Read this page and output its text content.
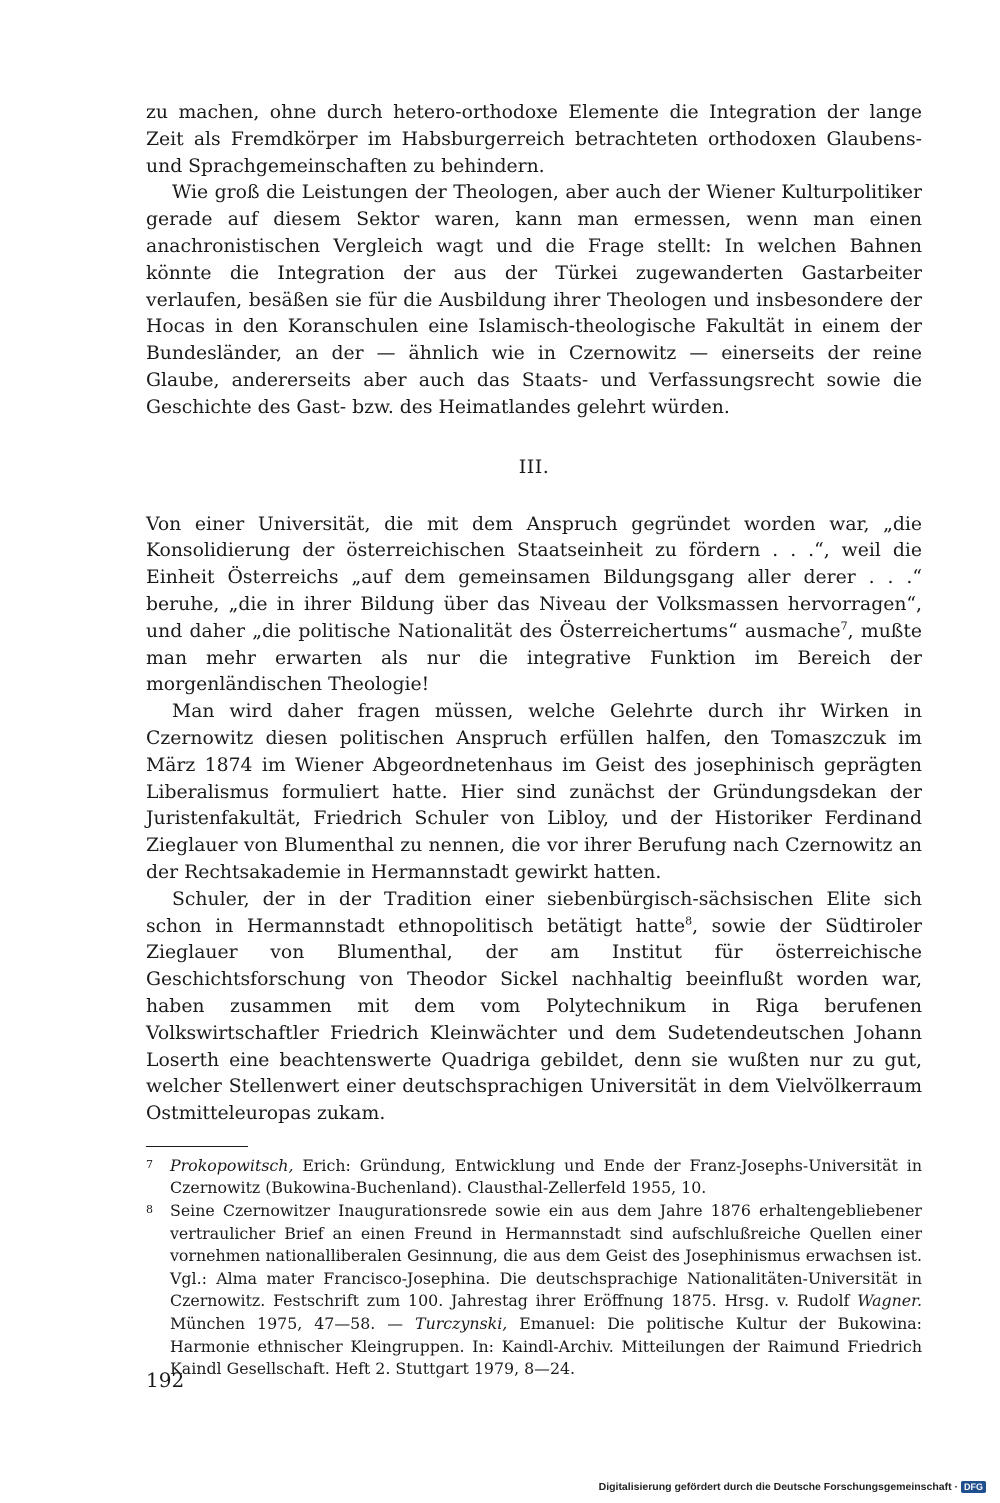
zu machen, ohne durch hetero-orthodoxe Elemente die Integration der lange Zeit als Fremdkörper im Habsburgerreich betrachteten orthodoxen Glaubens- und Sprachgemeinschaften zu behindern.

Wie groß die Leistungen der Theologen, aber auch der Wiener Kulturpolitiker gerade auf diesem Sektor waren, kann man ermessen, wenn man einen anachronistischen Vergleich wagt und die Frage stellt: In welchen Bahnen könnte die Integration der aus der Türkei zugewanderten Gastarbeiter verlaufen, besäßen sie für die Ausbildung ihrer Theologen und insbesondere der Hocas in den Koranschulen eine Islamisch-theologische Fakultät in einem der Bundesländer, an der — ähnlich wie in Czernowitz — einerseits der reine Glaube, andererseits aber auch das Staats- und Verfassungsrecht sowie die Geschichte des Gast- bzw. des Heimatlandes gelehrt würden.

III.

Von einer Universität, die mit dem Anspruch gegründet worden war, „die Konsolidierung der österreichischen Staatseinheit zu fördern . . .“, weil die Einheit Österreichs „auf dem gemeinsamen Bildungsgang aller derer . . .“ beruhe, „die in ihrer Bildung über das Niveau der Volksmassen hervorragen“, und daher „die politische Nationalität des Österreichertums“ ausmache$^7$, mußte man mehr erwarten als nur die integrative Funktion im Bereich der morgenländischen Theologie!

Man wird daher fragen müssen, welche Gelehrte durch ihr Wirken in Czernowitz diesen politischen Anspruch erfüllen halfen, den Tomaszczuk im März 1874 im Wiener Abgeordnetenhaus im Geist des josephinisch geprägten Liberalismus formuliert hatte. Hier sind zunächst der Gründungsdekan der Juristenfakultät, Friedrich Schuler von Libloy, und der Historiker Ferdinand Zieglauer von Blumenthal zu nennen, die vor ihrer Berufung nach Czernowitz an der Rechtsakademie in Hermannstadt gewirkt hatten.

Schuler, der in der Tradition einer siebenbürgisch-sächsischen Elite sich schon in Hermannstadt ethnopolitisch betätigt hatte$^8$, sowie der Südtiroler Zieglauer von Blumenthal, der am Institut für österreichische Geschichtsforschung von Theodor Sickel nachhaltig beeinflußt worden war, haben zusammen mit dem vom Polytechnikum in Riga berufenen Volkswirtschaftler Friedrich Kleinwächter und dem Sudetendeutschen Johann Loserth eine beachtenswerte Quadriga gebildet, denn sie wußten nur zu gut, welcher Stellenwert einer deutschsprachigen Universität in dem Vielvölkerraum Ostmitteleuropas zukam.

7	Prokopowitsch, Erich: Gründung, Entwicklung und Ende der Franz-Josephs-Universität in Czernowitz (Bukowina-Buchenland). Clausthal-Zellerfeld 1955, 10.
8	Seine Czernowitzer Inaugurationsrede sowie ein aus dem Jahre 1876 erhaltengebliebener vertraulicher Brief an einen Freund in Hermannstadt sind aufschlußreiche Quellen einer vornehmen nationalliberalen Gesinnung, die aus dem Geist des Josephinismus erwachsen ist. Vgl.: Alma mater Francisco-Josephina. Die deutschsprachige Nationalitäten-Universität in Czernowitz. Festschrift zum 100. Jahrestag ihrer Eröffnung 1875. Hrsg. v. Rudolf Wagner. München 1975, 47—58. — Turczynski, Emanuel: Die politische Kultur der Bukowina: Harmonie ethnischer Kleingruppen. In: Kaindl-Archiv. Mitteilungen der Raimund Friedrich Kaindl Gesellschaft. Heft 2. Stuttgart 1979, 8—24.
192
Digitalisierung gefördert durch die Deutsche Forschungsgemeinschaft · DFG
